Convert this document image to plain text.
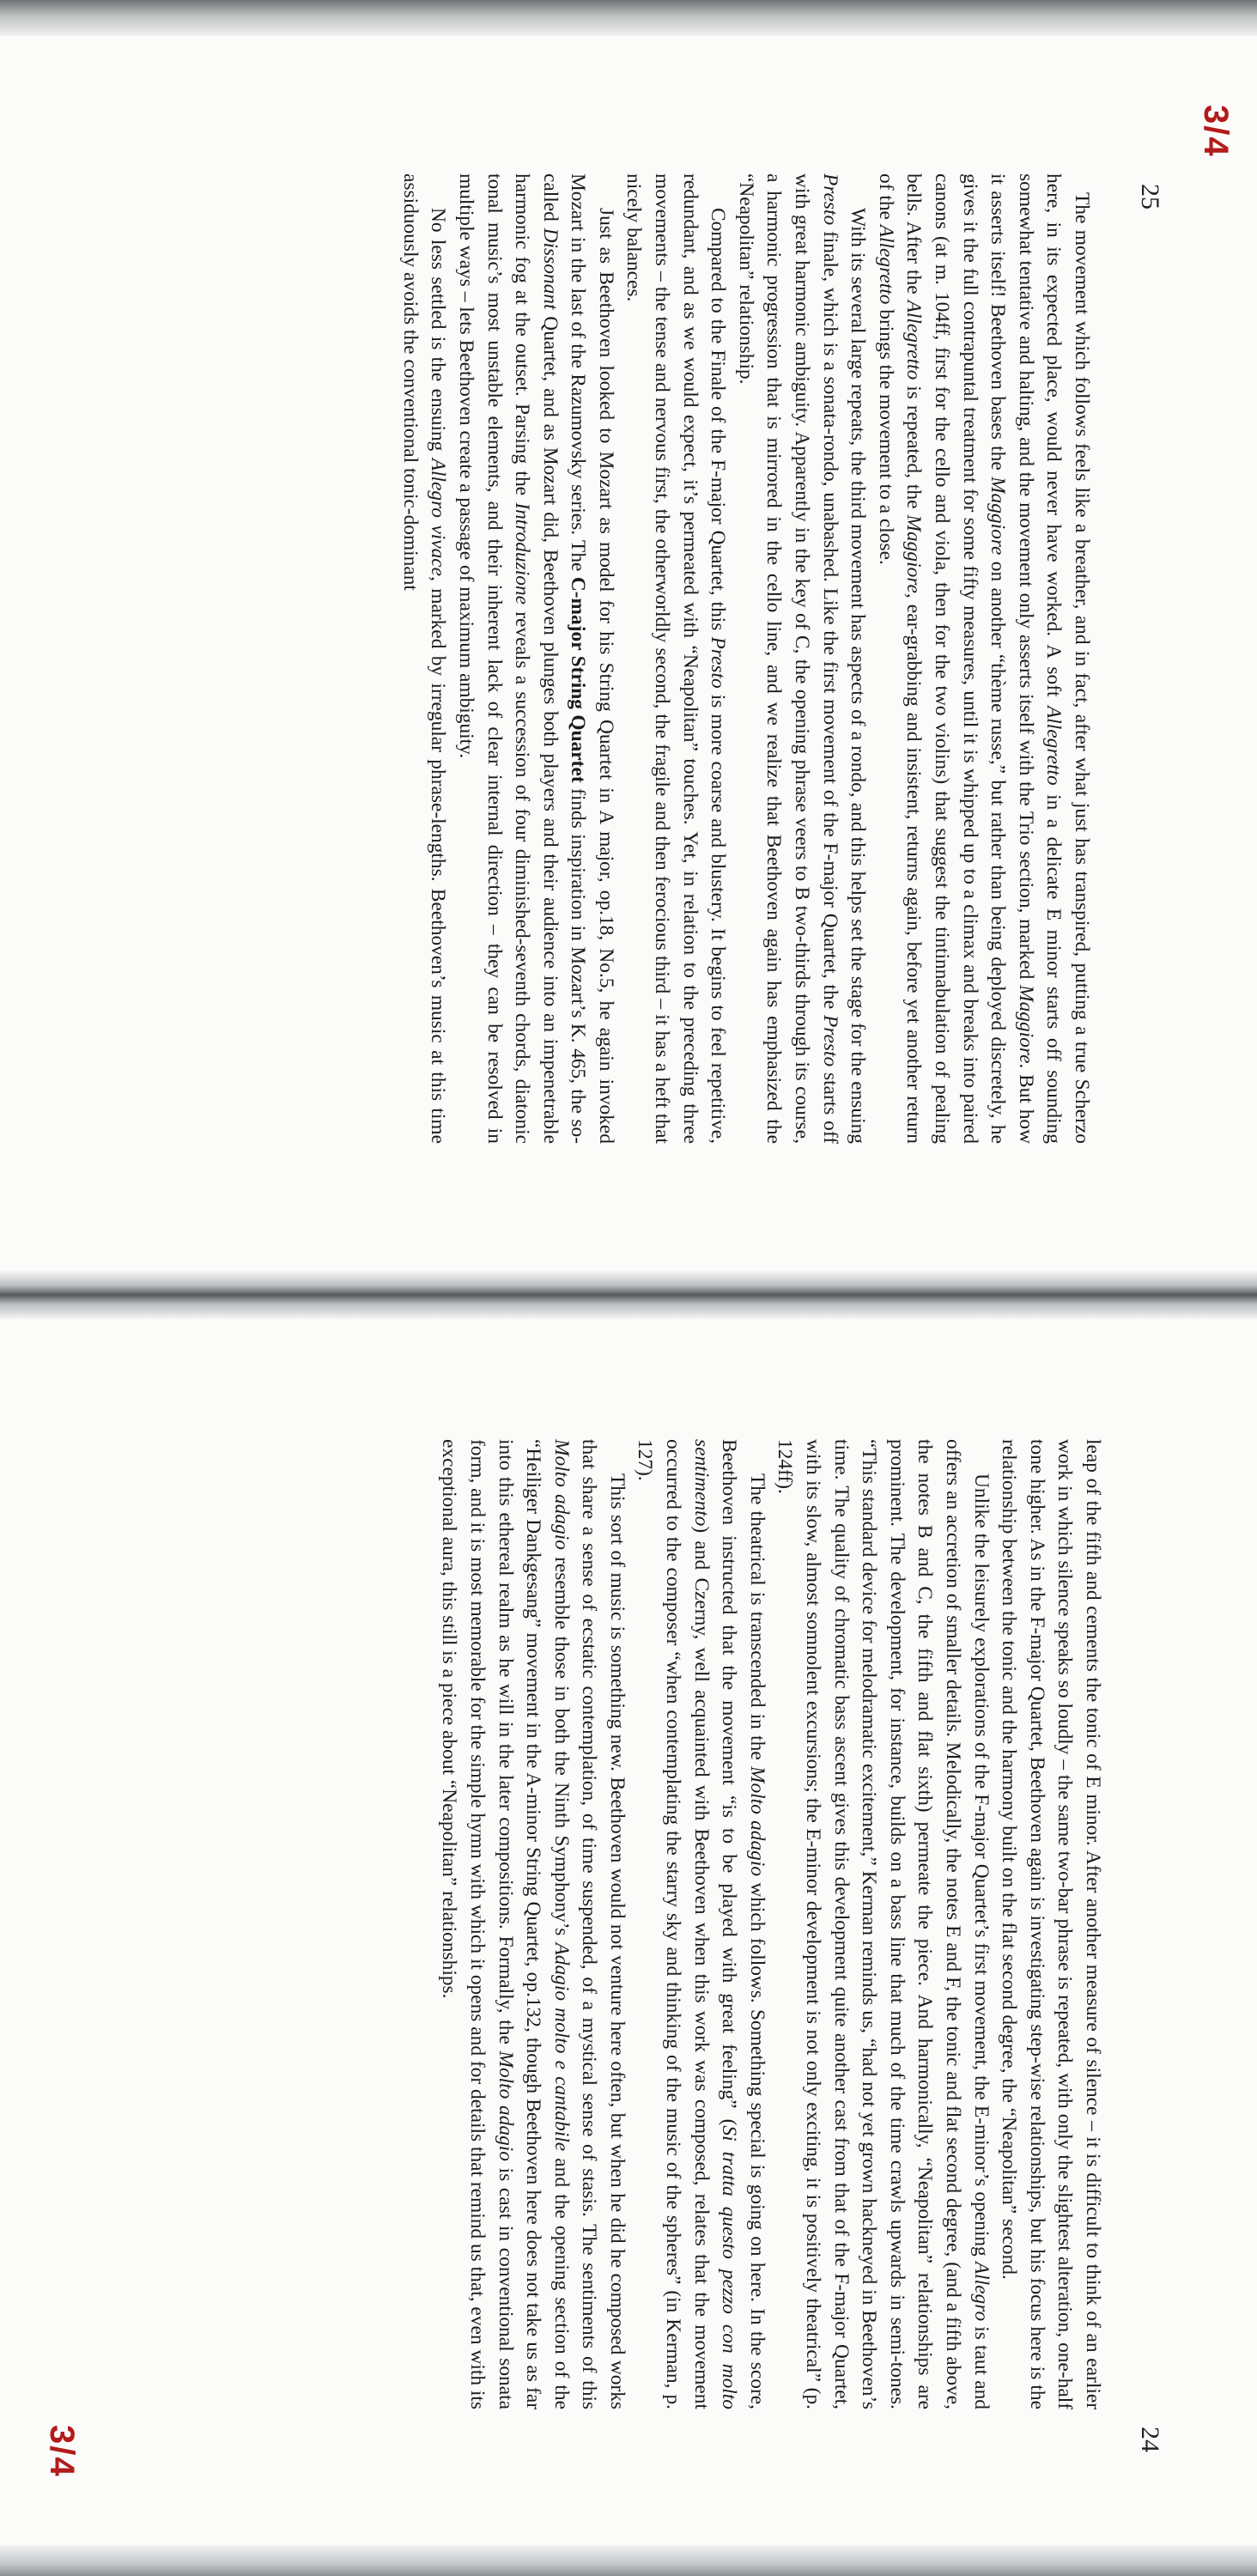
3/4
25

The movement which follows feels like a breather, and in fact, after what just has transpired, putting a true Scherzo here, in its expected place, would never have worked. A soft Allegretto in a delicate E minor starts off sounding somewhat tentative and halting, and the movement only asserts itself with the Trio section, marked Maggiore. But how it asserts itself! Beethoven bases the Maggiore on another “thème russe,” but rather than being deployed discretely, he gives it the full contrapuntal treatment for some fifty measures, until it is whipped up to a climax and breaks into paired canons (at m. 104ff, first for the cello and viola, then for the two violins) that suggest the tintinnabulation of pealing bells. After the Allegretto is repeated, the Maggiore, ear-grabbing and insistent, returns again, before yet another return of the Allegretto brings the movement to a close.

With its several large repeats, the third movement has aspects of a rondo, and this helps set the stage for the ensuing Presto finale, which is a sonata-rondo, unabashed. Like the first movement of the F-major Quartet, the Presto starts off with great harmonic ambiguity. Apparently in the key of C, the opening phrase veers to B two-thirds through its course, a harmonic progression that is mirrored in the cello line, and we realize that Beethoven again has emphasized the “Neapolitan” relationship.

Compared to the Finale of the F-major Quartet, this Presto is more coarse and blustery. It begins to feel repetitive, redundant, and as we would expect, it’s permeated with “Neapolitan” touches. Yet, in relation to the preceding three movements – the tense and nervous first, the otherworldly second, the fragile and then ferocious third – it has a heft that nicely balances.

Just as Beethoven looked to Mozart as model for his String Quartet in A major, op.18, No.5, he again invoked Mozart in the last of the Razumovsky series. The C-major String Quartet finds inspiration in Mozart’s K. 465, the so-called Dissonant Quartet, and as Mozart did, Beethoven plunges both players and their audience into an impenetrable harmonic fog at the outset. Parsing the Introduzione reveals a succession of four diminished-seventh chords, diatonic tonal music’s most unstable elements, and their inherent lack of clear internal direction – they can be resolved in multiple ways – lets Beethoven create a passage of maximum ambiguity.

No less settled is the ensuing Allegro vivace, marked by irregular phrase-lengths. Beethoven’s music at this time assiduously avoids the conventional tonic-dominant

3/4	24

leap of the fifth and cements the tonic of E minor. After another measure of silence – it is difficult to think of an earlier work in which silence speaks so loudly – the same two-bar phrase is repeated, with only the slightest alteration, one-half tone higher. As in the F-major Quartet, Beethoven again is investigating step-wise relationships, but his focus here is the relationship between the tonic and the harmony built on the flat second degree, the “Neapolitan” second.

Unlike the leisurely explorations of the F-major Quartet’s first movement, the E-minor’s opening Allegro is taut and offers an accretion of smaller details. Melodically, the notes E and F, the tonic and flat second degree, (and a fifth above, the notes B and C, the fifth and flat sixth) permeate the piece. And harmonically, “Neapolitan” relationships are prominent. The development, for instance, builds on a bass line that much of the time crawls upwards in semi-tones. “This standard device for melodramatic excitement,” Kerman reminds us, “had not yet grown hackneyed in Beethoven’s time. The quality of chromatic bass ascent gives this development quite another cast from that of the F-major Quartet, with its slow, almost somnolent excursions; the E-minor development is not only exciting, it is positively theatrical” (p. 124ff).

The theatrical is transcended in the Molto adagio which follows. Something special is going on here. In the score, Beethoven instructed that the movement “is to be played with great feeling” (Si tratta questo pezzo con molto sentimento) and Czerny, well acquainted with Beethoven when this work was composed, relates that the movement occurred to the composer “when contemplating the starry sky and thinking of the music of the spheres” (in Kerman, p. 127).

This sort of music is something new. Beethoven would not venture here often, but when he did he composed works that share a sense of ecstatic contemplation, of time suspended, of a mystical sense of stasis. The sentiments of this Molto adagio resemble those in both the Ninth Symphony’s Adagio molto e cantabile and the opening section of the “Heiliger Dankgesang” movement in the A-minor String Quartet, op.132, though Beethoven here does not take us as far into this ethereal realm as he will in the later compositions. Formally, the Molto adagio is cast in conventional sonata form, and it is most memorable for the simple hymn with which it opens and for details that remind us that, even with its exceptional aura, this still is a piece about “Neapolitan” relationships.
